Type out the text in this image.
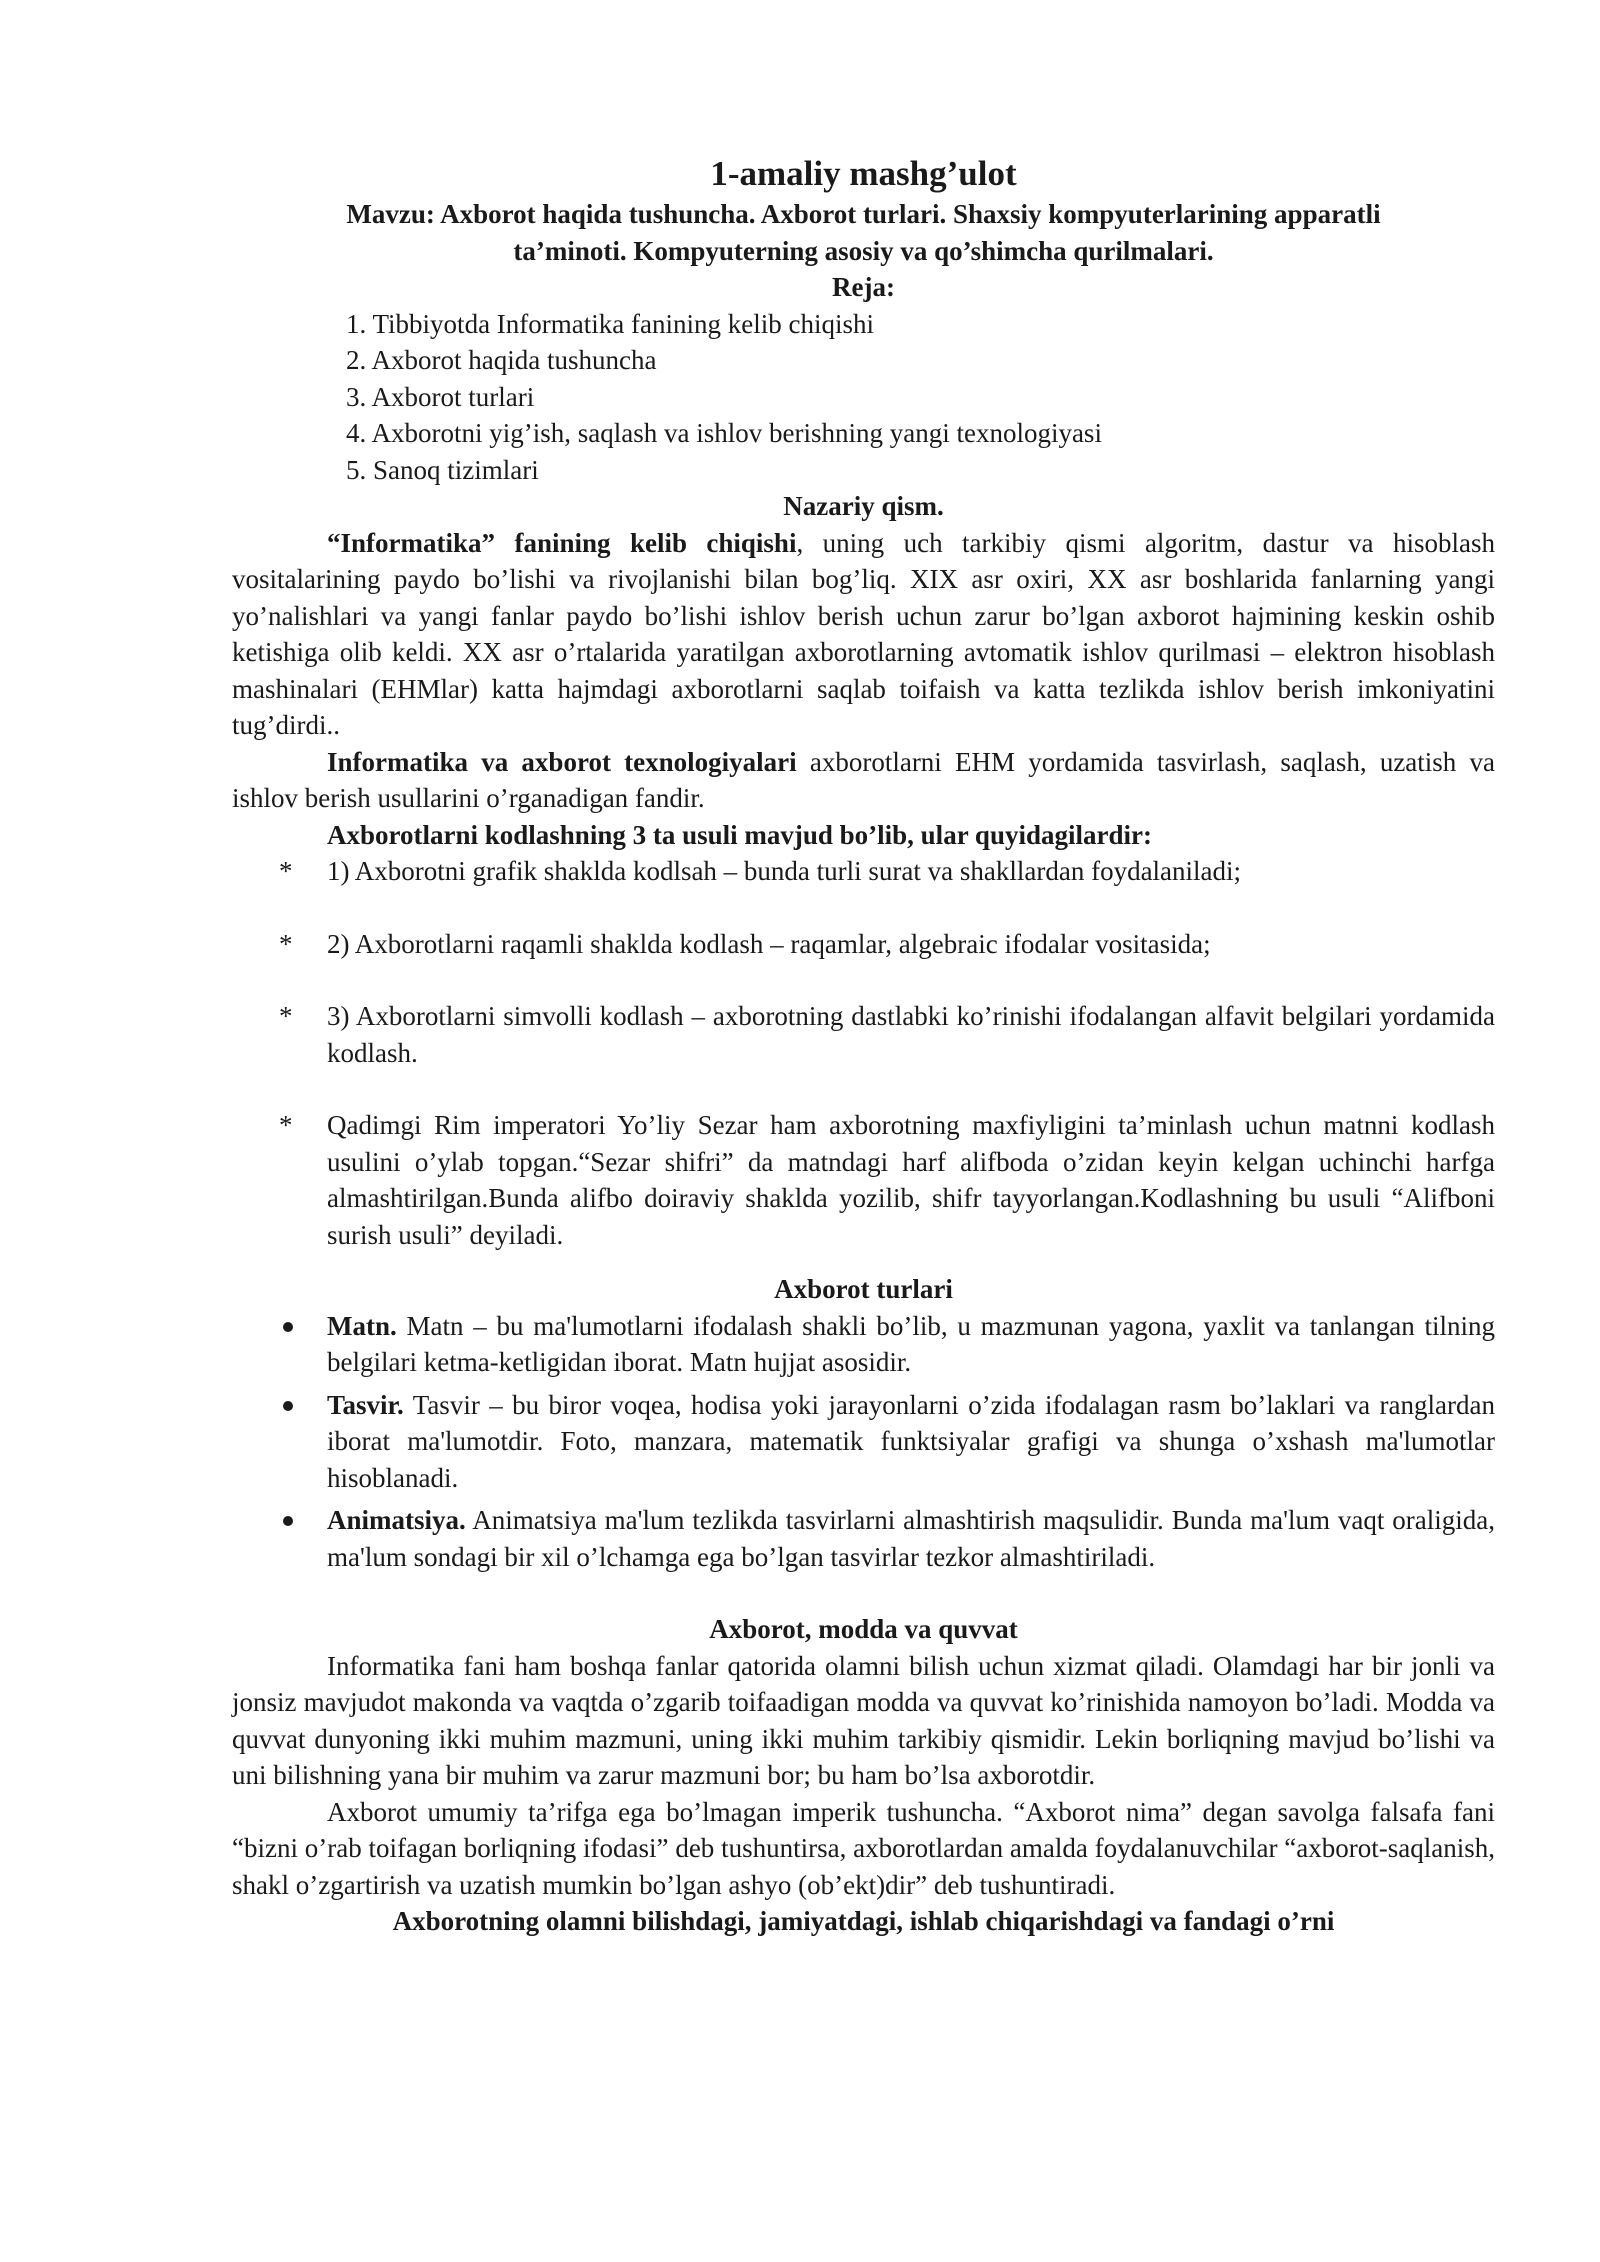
1-amaliy mashg’ulot
Mavzu: Axborot haqida tushuncha. Axborot turlari. Shaxsiy kompyuterlarining apparatli
ta’minoti. Kompyuterning asosiy va qo’shimcha qurilmalari.
Reja:
1. Tibbiyotda Informatika fanining kelib chiqishi
2. Axborot haqida tushuncha
3. Axborot turlari
4. Axborotni yig’ish, saqlash va ishlov berishning yangi texnologiyasi
5. Sanoq tizimlari
Nazariy qism.

“Informatika” fanining kelib chiqishi, uning uch tarkibiy qismi algoritm, dastur va hisoblash vositalarining paydo bo’lishi va rivojlanishi bilan bog’liq. XIX asr oxiri, XX asr boshlarida fanlarning yangi yo’nalishlari va yangi fanlar paydo bo’lishi ishlov berish uchun zarur bo’lgan axborot hajmining keskin oshib ketishiga olib keldi. XX asr o’rtalarida yaratilgan axborotlarning avtomatik ishlov qurilmasi – elektron hisoblash mashinalari (EHMlar) katta hajmdagi axborotlarni saqlab toifaish va katta tezlikda ishlov berish imkoniyatini tug’dirdi..

Informatika va axborot texnologiyalari axborotlarni EHM yordamida tasvirlash, saqlash, uzatish va ishlov berish usullarini o’rganadigan fandir.

Axborotlarni kodlashning 3 ta usuli mavjud bo’lib, ular quyidagilardir:

* 1) Axborotni grafik shaklda kodlsah – bunda turli surat va shakllardan foydalaniladi;
* 2) Axborotlarni raqamli shaklda kodlash – raqamlar, algebraic ifodalar vositasida;
* 3) Axborotlarni simvolli kodlash – axborotning dastlabki ko’rinishi ifodalangan alfavit belgilari yordamida kodlash.
* Qadimgi Rim imperatori Yo’liy Sezar ham axborotning maxfiyligini ta’minlash uchun matnni kodlash usulini o’ylab topgan.“Sezar shifri” da matndagi harf alifboda o’zidan keyin kelgan uchinchi harfga almashtirilgan.Bunda alifbo doiraviy shaklda yozilib, shifr tayyorlangan.Kodlashning bu usuli “Alifboni surish usuli” deyiladi.
Axborot turlari
Matn. Matn – bu ma'lumotlarni ifodalash shakli bo’lib, u mazmunan yagona, yaxlit va tanlangan tilning belgilari ketma-ketligidan iborat. Matn hujjat asosidir.
Tasvir. Tasvir – bu biror voqea, hodisa yoki jarayonlarni o’zida ifodalagan rasm bo’laklari va ranglardan iborat ma'lumotdir. Foto, manzara, matematik funktsiyalar grafigi va shunga o’xshash ma'lumotlar hisoblanadi.
Animatsiya. Animatsiya ma'lum tezlikda tasvirlarni almashtirish maqsulidir. Bunda ma'lum vaqt oraligida, ma'lum sondagi bir xil o’lchamga ega bo’lgan tasvirlar tezkor almashtiriladi.
Axborot, modda va quvvat

Informatika fani ham boshqa fanlar qatorida olamni bilish uchun xizmat qiladi. Olamdagi har bir jonli va jonsiz mavjudot makonda va vaqtda o’zgarib toifaadigan modda va quvvat ko’rinishida namoyon bo’ladi. Modda va quvvat dunyoning ikki muhim mazmuni, uning ikki muhim tarkibiy qismidir. Lekin borliqning mavjud bo’lishi va uni bilishning yana bir muhim va zarur mazmuni bor; bu ham bo’lsa axborotdir.

Axborot umumiy ta’rifga ega bo’lmagan imperik tushuncha. “Axborot nima” degan savolga falsafa fani “bizni o’rab toifagan borliqning ifodasi” deb tushuntirsa, axborotlardan amalda foydalanuvchilar “axborot-saqlanish, shakl o’zgartirish va uzatish mumkin bo’lgan ashyo (ob’ekt)dir” deb tushuntiradi.

Axborotning olamni bilishdagi, jamiyatdagi, ishlab chiqarishdagi va fandagi o’rni
